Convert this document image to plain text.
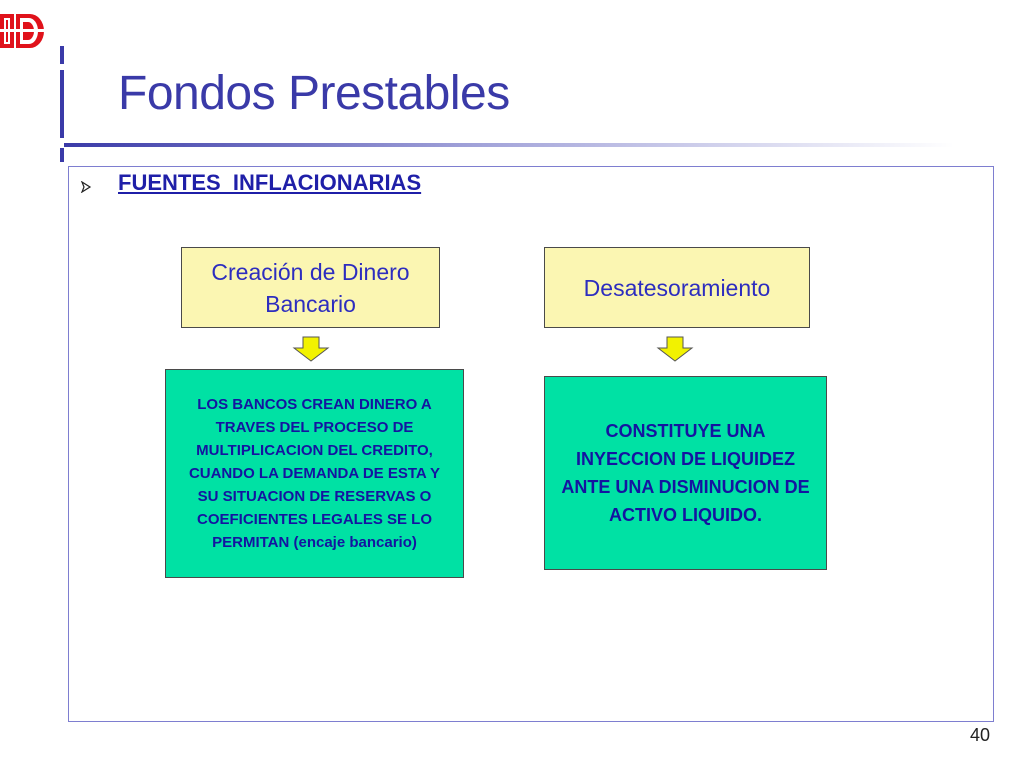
Fondos Prestables
FUENTES  INFLACIONARIAS
Creación de Dinero Bancario
LOS BANCOS CREAN DINERO A TRAVES DEL PROCESO DE MULTIPLICACION DEL CREDITO, CUANDO LA DEMANDA DE ESTA Y SU SITUACION DE RESERVAS O COEFICIENTES LEGALES SE LO PERMITAN (encaje bancario)
Desatesoramiento
CONSTITUYE UNA INYECCION DE LIQUIDEZ ANTE UNA DISMINUCION DE ACTIVO LIQUIDO.
40
